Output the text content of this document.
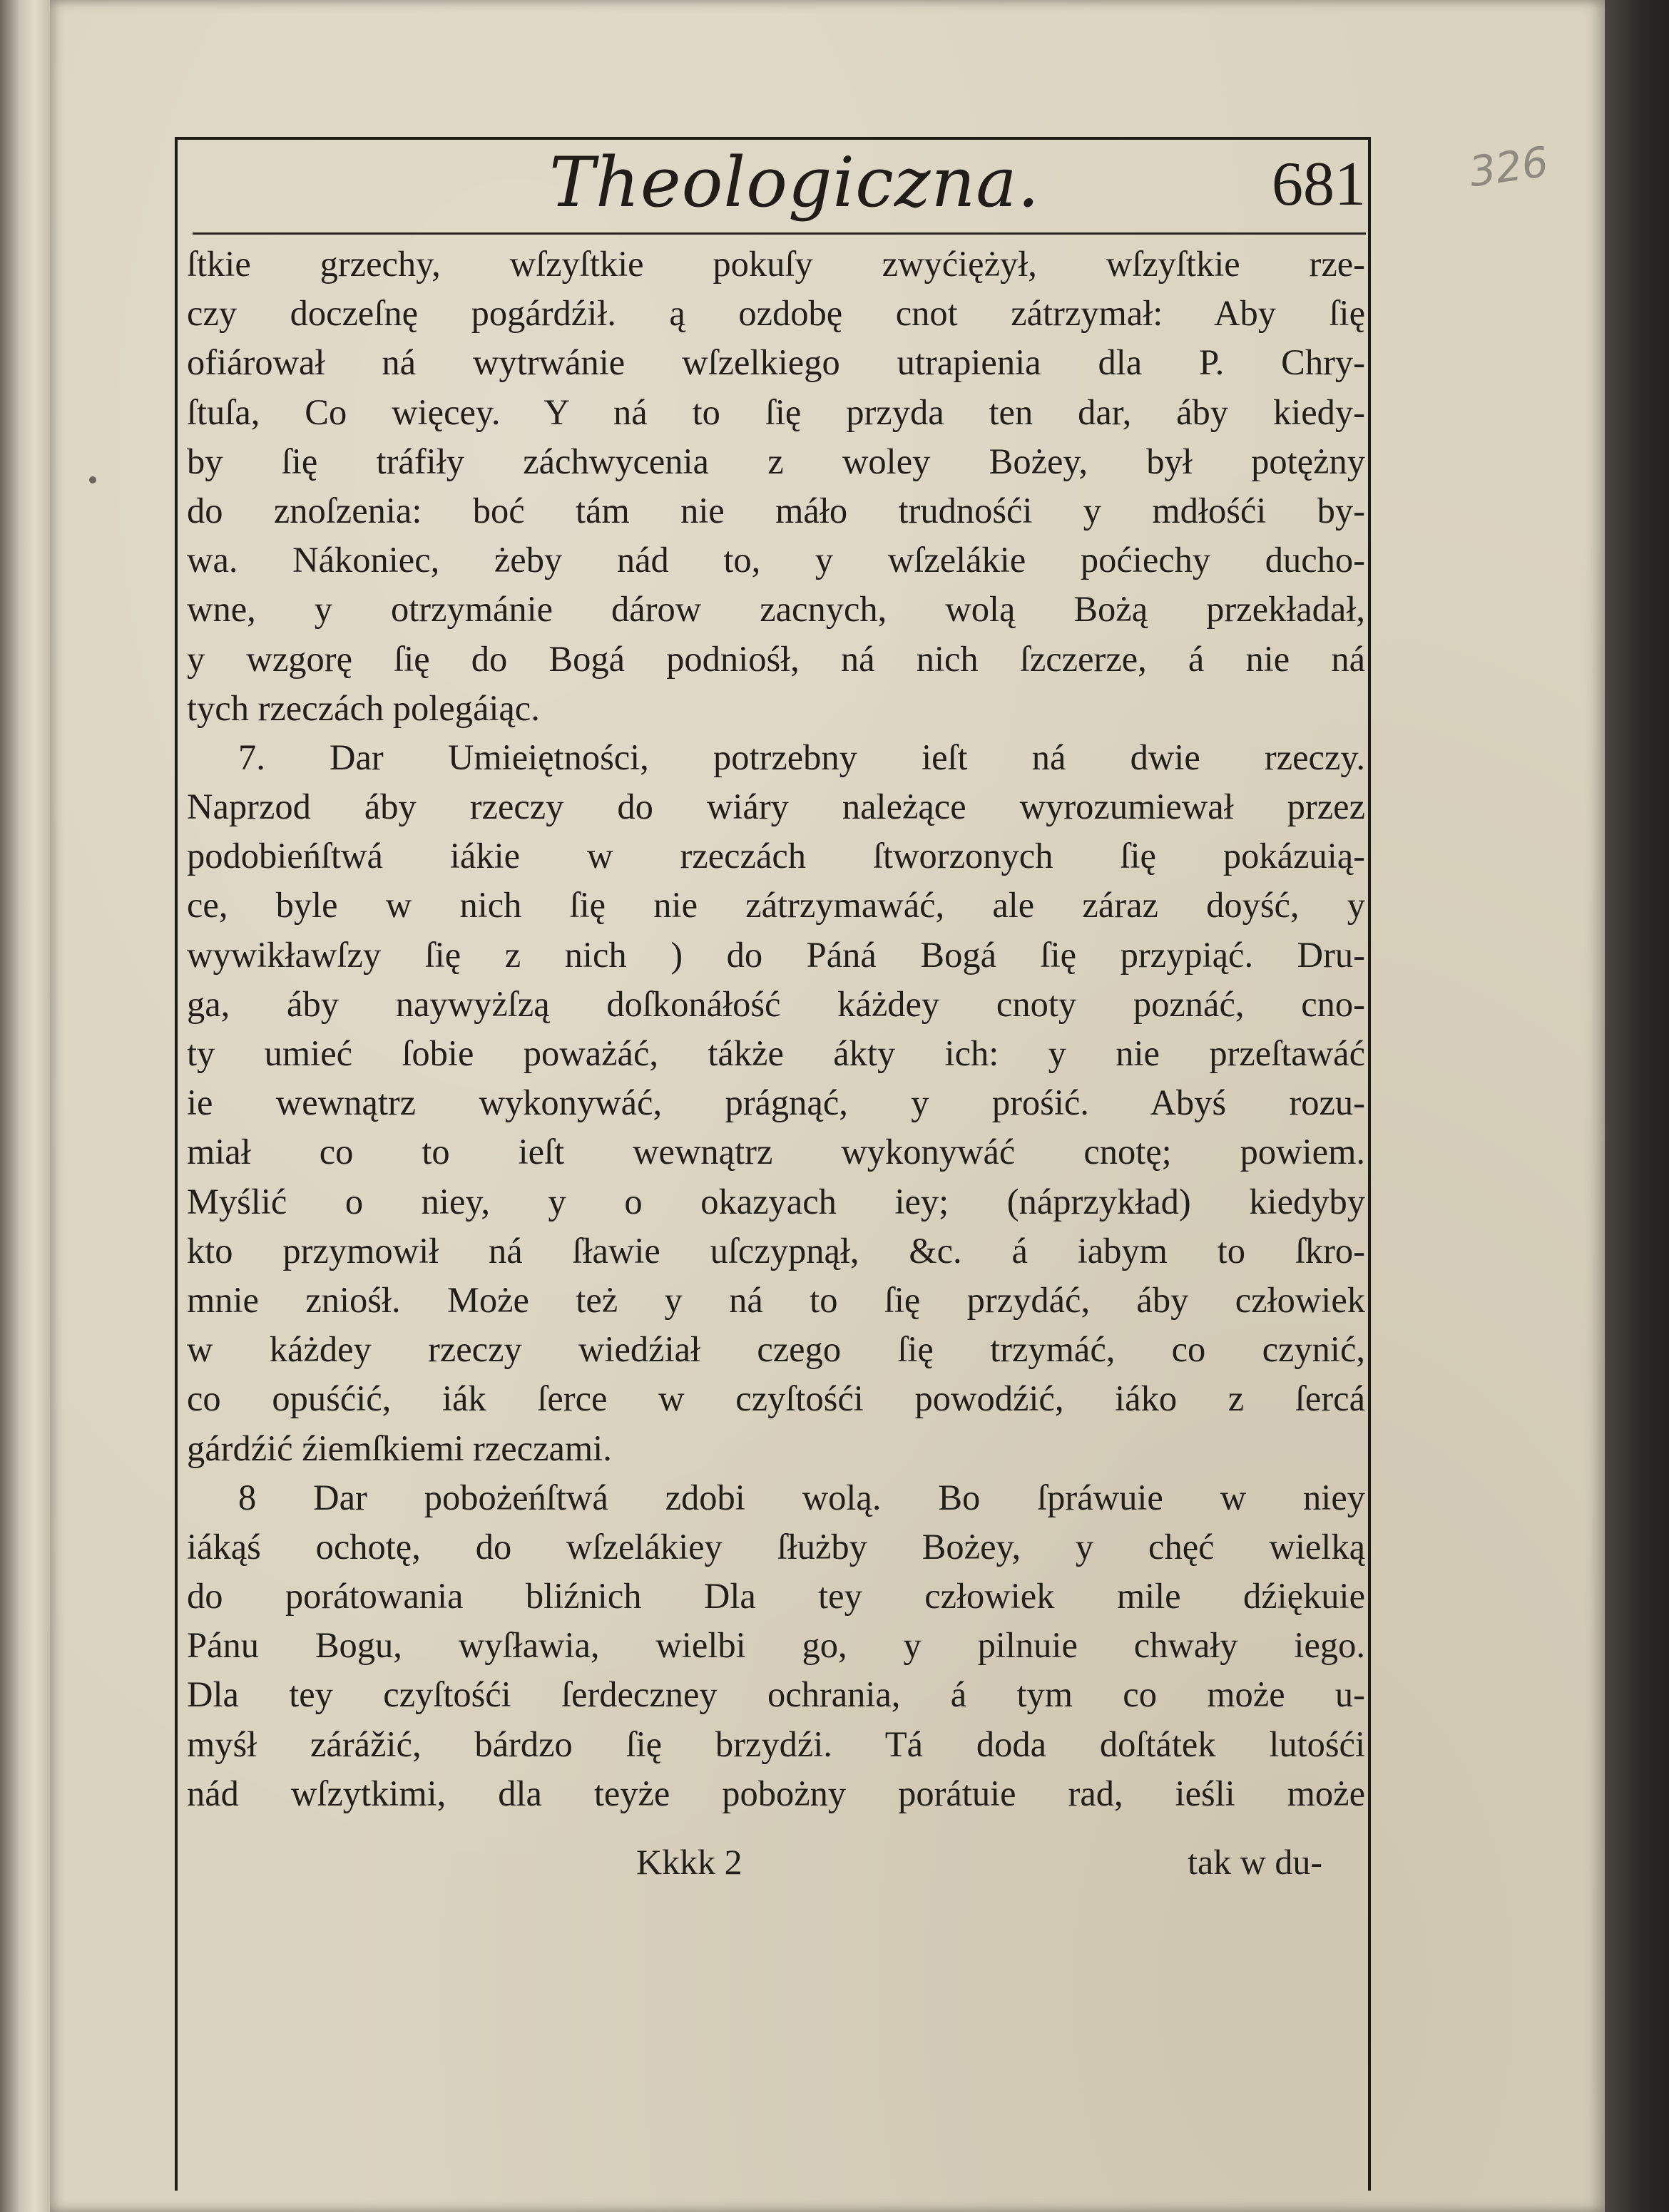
Theologiczna.	681 326
ſtkie grzechy, wſzyſtkie pokuſy zwyćiężył, wſzyſtkie rze-
czy doczeſnę pogárdźił. ą ozdobę cnot zátrzymał: Aby ſię
ofiárował ná wytrwánie wſzelkiego utrapienia dla P. Chry-
ſtuſa, Co więcey. Y ná to ſię przyda ten dar, áby kiedy-
by ſię tráfiły záchwycenia z woley Bożey, był potężny
do znoſzenia: boć tám nie máło trudnośći y mdłośći by-
wa. Nákoniec, żeby nád to, y wſzelákie poćiechy ducho-
wne, y otrzymánie dárow zacnych, wolą Bożą przekładał,
y wzgorę ſię do Bogá podniośł, ná nich ſzczerze, á nie ná
tych rzeczách polegáiąc.
7. Dar Umieiętności, potrzebny ieſt ná dwie rzeczy.
Naprzod áby rzeczy do wiáry należące wyrozumiewał przez
podobieńſtwá iákie w rzeczách ſtworzonych ſię pokázuią-
ce, byle w nich ſię nie zátrzymawáć, ale záraz doyść, y
wywikławſzy ſię z nich ) do Páná Bogá ſię przypiąć. Dru-
ga, áby naywyżſzą doſkonáłość káżdey cnoty poznáć, cno-
ty umieć ſobie poważáć, tákże ákty ich: y nie przeſtawáć
ie wewnątrz wykonywáć, prágnąć, y prośić. Abyś rozu-
miał co to ieſt wewnątrz wykonywáć cnotę; powiem.
Myślić o niey, y o okazyach iey; (náprzykład) kiedyby
kto przymowił ná ſławie uſczypnął, &c. á iabym to ſkro-
mnie zniośł. Może też y ná to ſię przydáć, áby człowiek
w káżdey rzeczy wiedźiał czego ſię trzymáć, co czynić,
co opuśćić, iák ſerce w czyſtośći powodźić, iáko z ſercá
gárdźić źiemſkiemi rzeczami.
8 Dar pobożeńſtwá zdobi wolą. Bo ſpráwuie w niey
iákąś ochotę, do wſzelákiey ſłużby Bożey, y chęć wielką
do porátowania bliźnich Dla tey człowiek mile dźiękuie
Pánu Bogu, wyſławia, wielbi go, y pilnuie chwały iego.
Dla tey czyſtośći ſerdeczney ochrania, á tym co może u-
myśł zárážić, bárdzo ſię brzydźi. Tá doda doſtátek lutośći
nád wſzytkimi, dla teyże pobożny porátuie rad, ieśli może
Kkkk 2	tak w du-
